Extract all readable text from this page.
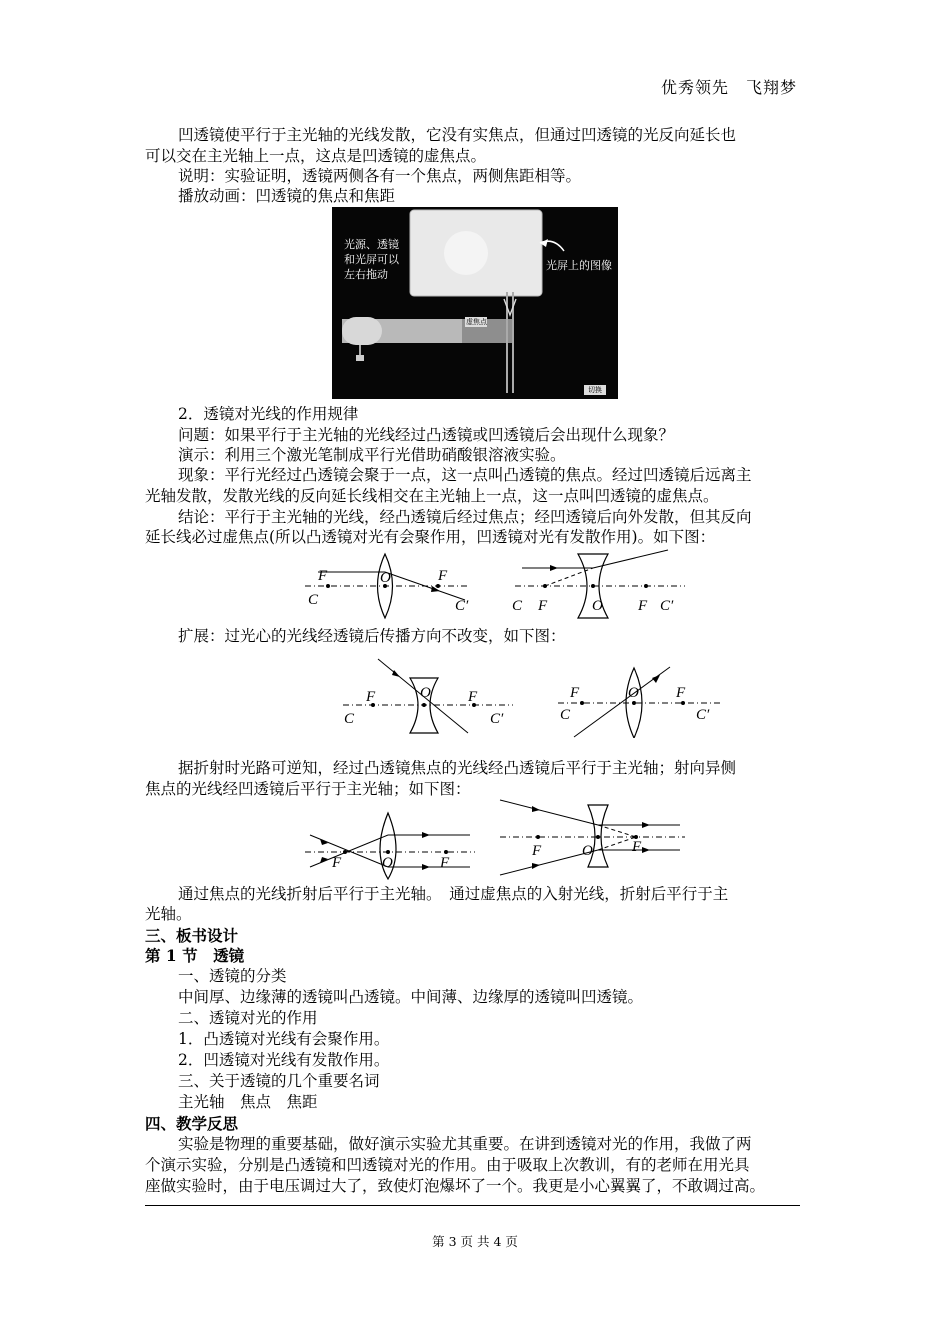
优秀领先　飞翔梦
凹透镜使平行于主光轴的光线发散，它没有实焦点，但通过凹透镜的光反向延长也
可以交在主光轴上一点，这点是凹透镜的虚焦点。
说明：实验证明，透镜两侧各有一个焦点，两侧焦距相等。
播放动画：凹透镜的焦点和焦距
光源、透镜
和光屏可以
左右拖动
光屏上的图像
虚焦点
切换
2．透镜对光线的作用规律
问题：如果平行于主光轴的光线经过凸透镜或凹透镜后会出现什么现象？
演示：利用三个激光笔制成平行光借助硝酸银溶液实验。
现象：平行光经过凸透镜会聚于一点，这一点叫凸透镜的焦点。经过凹透镜后远离主
光轴发散，发散光线的反向延长线相交在主光轴上一点，这一点叫凹透镜的虚焦点。
结论：平行于主光轴的光线，经凸透镜后经过焦点；经凹透镜后向外发散，但其反向
延长线必过虚焦点(所以凸透镜对光有会聚作用，凹透镜对光有发散作用)。如下图：
F	O	F
C	C′	F	O F
C	C′
扩展：过光心的光线经透镜后传播方向不改变，如下图：
F	O F
C	C′
F	O F
C	C′
据折射时光路可逆知，经过凸透镜焦点的光线经凸透镜后平行于主光轴；射向异侧
焦点的光线经凹透镜后平行于主光轴；如下图：
F	O	F
F	O	F
通过焦点的光线折射后平行于主光轴。　通过虚焦点的入射光线，折射后平行于主
光轴。
三、板书设计
第 1 节　透镜
一、透镜的分类
中间厚、边缘薄的透镜叫凸透镜。中间薄、边缘厚的透镜叫凹透镜。
二、透镜对光的作用
1．凸透镜对光线有会聚作用。
2．凹透镜对光线有发散作用。
三、关于透镜的几个重要名词
主光轴　焦点　焦距
四、教学反思
实验是物理的重要基础，做好演示实验尤其重要。在讲到透镜对光的作用，我做了两
个演示实验，分别是凸透镜和凹透镜对光的作用。由于吸取上次教训，有的老师在用光具
座做实验时，由于电压调过大了，致使灯泡爆坏了一个。我更是小心翼翼了，不敢调过高。
第 3 页 共 4 页
